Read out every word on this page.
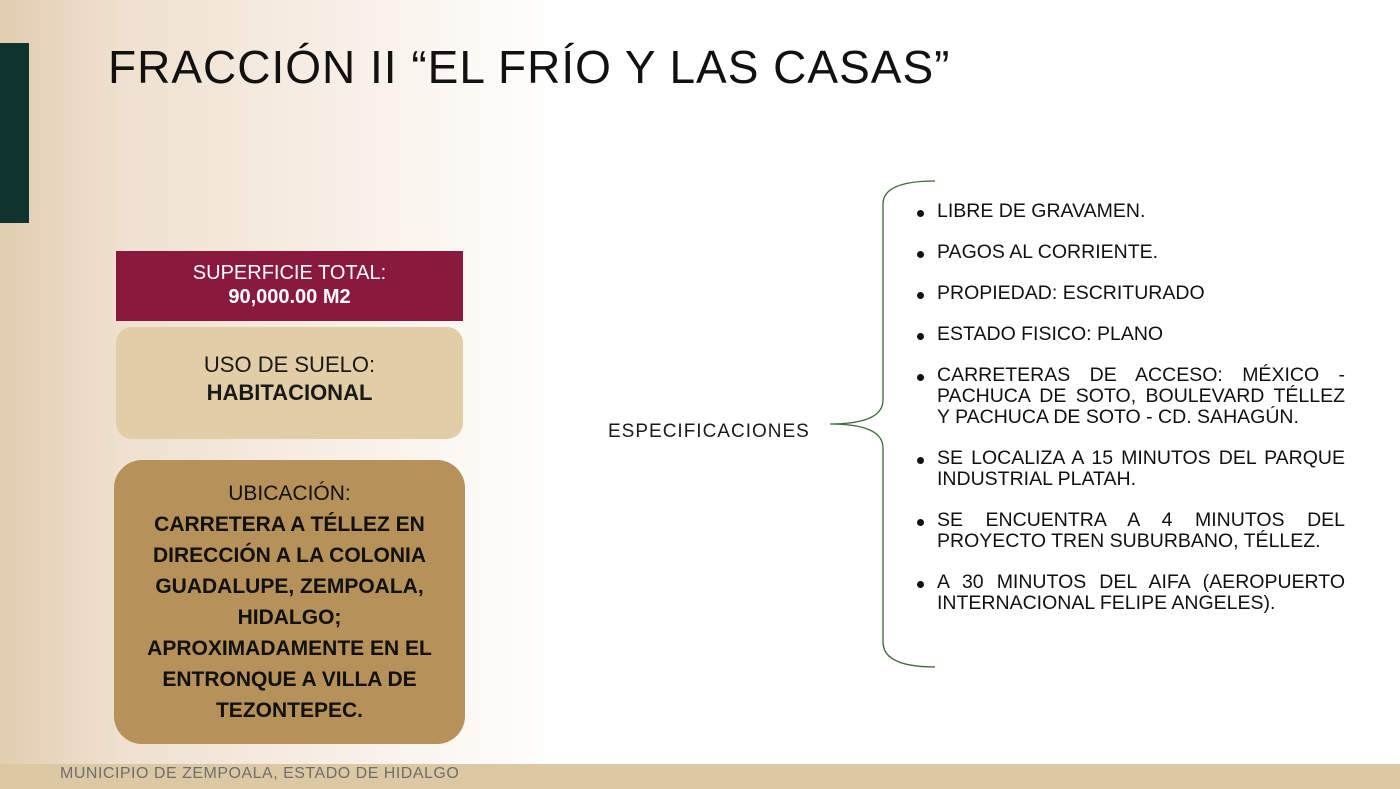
FRACCIÓN II “EL FRÍO Y LAS CASAS”
SUPERFICIE TOTAL:
90,000.00 M2
USO DE SUELO:
HABITACIONAL
UBICACIÓN:
CARRETERA A TÉLLEZ EN DIRECCIÓN A LA COLONIA GUADALUPE, ZEMPOALA, HIDALGO; APROXIMADAMENTE EN EL ENTRONQUE A VILLA DE TEZONTEPEC.
ESPECIFICACIONES
LIBRE DE GRAVAMEN.
PAGOS AL CORRIENTE.
PROPIEDAD: ESCRITURADO
ESTADO FISICO: PLANO
CARRETERAS DE ACCESO: MÉXICO - PACHUCA DE SOTO, BOULEVARD TÉLLEZ Y PACHUCA DE SOTO - CD. SAHAGÚN.
SE LOCALIZA A 15 MINUTOS DEL PARQUE INDUSTRIAL PLATAH.
SE ENCUENTRA A 4 MINUTOS DEL PROYECTO TREN SUBURBANO, TÉLLEZ.
A 30 MINUTOS DEL AIFA (AEROPUERTO INTERNACIONAL FELIPE ANGELES).
MUNICIPIO DE ZEMPOALA, ESTADO DE HIDALGO
